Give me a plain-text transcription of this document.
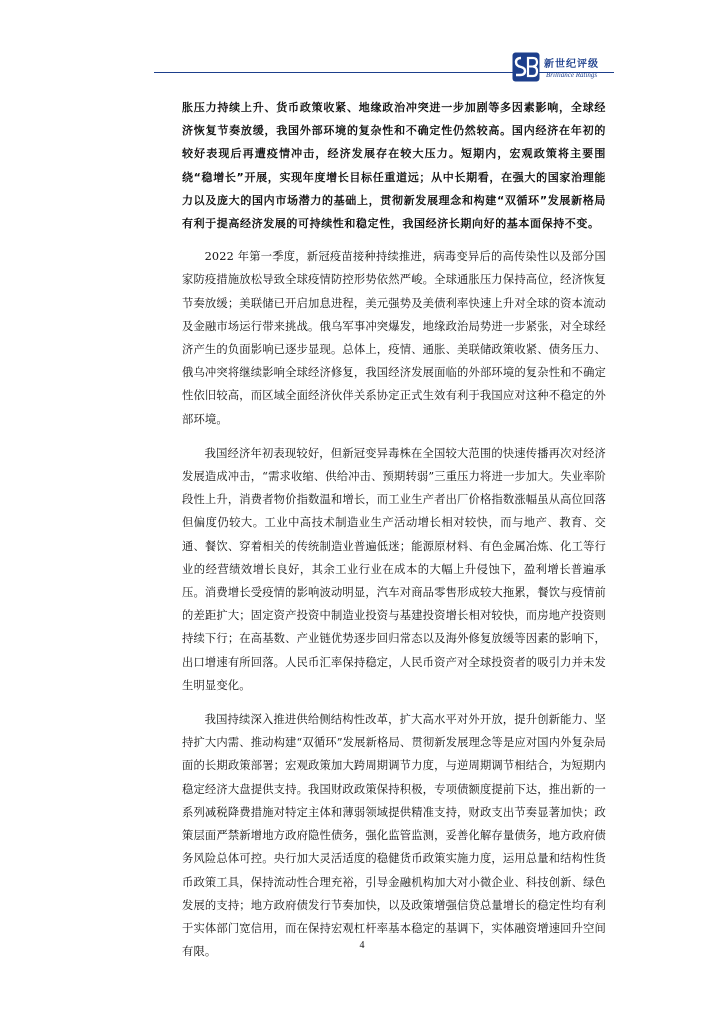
新世纪评级
Brilliance Ratings

胀压力持续上升、货币政策收紧、地缘政治冲突进一步加剧等多因素影响，全球经济恢复节奏放缓，我国外部环境的复杂性和不确定性仍然较高。国内经济在年初的较好表现后再遭疫情冲击，经济发展存在较大压力。短期内，宏观政策将主要围绕“稳增长”开展，实现年度增长目标任重道远；从中长期看，在强大的国家治理能力以及庞大的国内市场潜力的基础上，贯彻新发展理念和构建“双循环”发展新格局有利于提高经济发展的可持续性和稳定性，我国经济长期向好的基本面保持不变。

2022 年第一季度，新冠疫苗接种持续推进，病毒变异后的高传染性以及部分国家防疫措施放松导致全球疫情防控形势依然严峻。全球通胀压力保持高位，经济恢复节奏放缓；美联储已开启加息进程，美元强势及美债利率快速上升对全球的资本流动及金融市场运行带来挑战。俄乌军事冲突爆发，地缘政治局势进一步紧张，对全球经济产生的负面影响已逐步显现。总体上，疫情、通胀、美联储政策收紧、债务压力、俄乌冲突将继续影响全球经济修复，我国经济发展面临的外部环境的复杂性和不确定性依旧较高，而区域全面经济伙伴关系协定正式生效有利于我国应对这种不稳定的外部环境。

我国经济年初表现较好，但新冠变异毒株在全国较大范围的快速传播再次对经济发展造成冲击，“需求收缩、供给冲击、预期转弱”三重压力将进一步加大。失业率阶段性上升，消费者物价指数温和增长，而工业生产者出厂价格指数涨幅虽从高位回落但偏度仍较大。工业中高技术制造业生产活动增长相对较快，而与地产、教育、交通、餐饮、穿着相关的传统制造业普遍低迷；能源原材料、有色金属冶炼、化工等行业的经营绩效增长良好，其余工业行业在成本的大幅上升侵蚀下，盈利增长普遍承压。消费增长受疫情的影响波动明显，汽车对商品零售形成较大拖累，餐饮与疫情前的差距扩大；固定资产投资中制造业投资与基建投资增长相对较快，而房地产投资则持续下行；在高基数、产业链优势逐步回归常态以及海外修复放缓等因素的影响下，出口增速有所回落。人民币汇率保持稳定，人民币资产对全球投资者的吸引力并未发生明显变化。

我国持续深入推进供给侧结构性改革，扩大高水平对外开放，提升创新能力、坚持扩大内需、推动构建“双循环”发展新格局、贯彻新发展理念等是应对国内外复杂局面的长期政策部署；宏观政策加大跨周期调节力度，与逆周期调节相结合，为短期内稳定经济大盘提供支持。我国财政政策保持积极，专项债额度提前下达，推出新的一系列减税降费措施对特定主体和薄弱领域提供精准支持，财政支出节奏显著加快；政策层面严禁新增地方政府隐性债务，强化监管监测，妥善化解存量债务，地方政府债务风险总体可控。央行加大灵活适度的稳健货币政策实施力度，运用总量和结构性货币政策工具，保持流动性合理充裕，引导金融机构加大对小微企业、科技创新、绿色发展的支持；地方政府债发行节奏加快，以及政策增强信贷总量增长的稳定性均有利于实体部门宽信用，而在保持宏观杠杆率基本稳定的基调下，实体融资增速回升空间有限。	4
